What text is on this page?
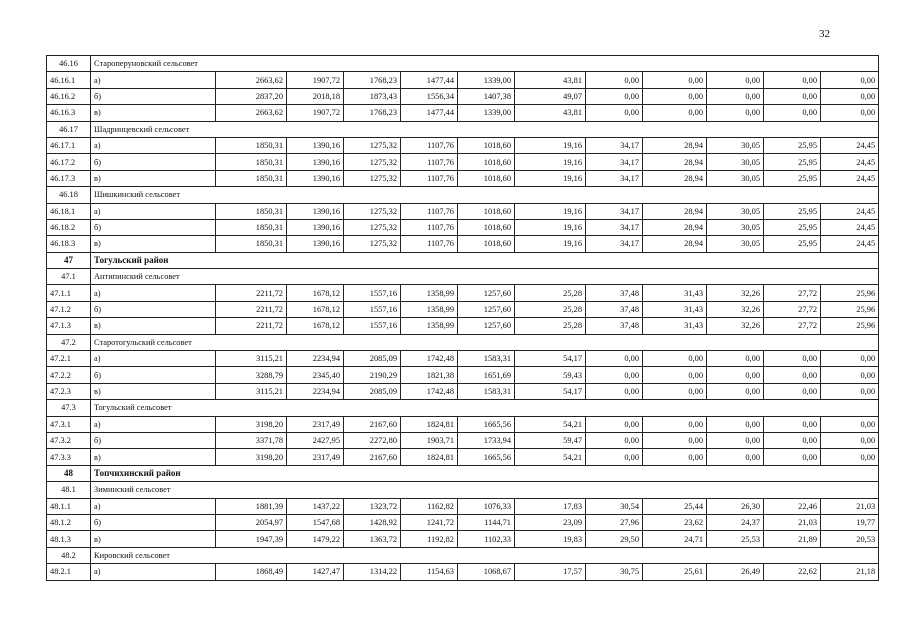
32
46.16	Староперуновский сельсовет											
46.16.1	а)	2663,62	1907,72	1768,23	1477,44	1339,00	43,81	0,00	0,00	0,00	0,00	0,00
46.16.2	б)	2837,20	2018,18	1873,43	1556,34	1407,38	49,07	0,00	0,00	0,00	0,00	0,00
46.16.3	в)	2663,62	1907,72	1768,23	1477,44	1339,00	43,81	0,00	0,00	0,00	0,00	0,00
46.17	Шадринцевский сельсовет											
46.17.1	а)	1850,31	1390,16	1275,32	1107,76	1018,60	19,16	34,17	28,94	30,05	25,95	24,45
46.17.2	б)	1850,31	1390,16	1275,32	1107,76	1018,60	19,16	34,17	28,94	30,05	25,95	24,45
46.17.3	в)	1850,31	1390,16	1275,32	1107,76	1018,60	19,16	34,17	28,94	30,05	25,95	24,45
46.18	Шишкинский сельсовет											
46.18.1	а)	1850,31	1390,16	1275,32	1107,76	1018,60	19,16	34,17	28,94	30,05	25,95	24,45
46.18.2	б)	1850,31	1390,16	1275,32	1107,76	1018,60	19,16	34,17	28,94	30,05	25,95	24,45
46.18.3	в)	1850,31	1390,16	1275,32	1107,76	1018,60	19,16	34,17	28,94	30,05	25,95	24,45
47	Тогульский район											
47.1	Антипинский сельсовет											
47.1.1	а)	2211,72	1678,12	1557,16	1358,99	1257,60	25,28	37,48	31,43	32,26	27,72	25,96
47.1.2	б)	2211,72	1678,12	1557,16	1358,99	1257,60	25,28	37,48	31,43	32,26	27,72	25,96
47.1.3	в)	2211,72	1678,12	1557,16	1358,99	1257,60	25,28	37,48	31,43	32,26	27,72	25,96
47.2	Старотогульский сельсовет											
47.2.1	а)	3115,21	2234,94	2085,09	1742,48	1583,31	54,17	0,00	0,00	0,00	0,00	0,00
47.2.2	б)	3288,79	2345,40	2190,29	1821,38	1651,69	59,43	0,00	0,00	0,00	0,00	0,00
47.2.3	в)	3115,21	2234,94	2085,09	1742,48	1583,31	54,17	0,00	0,00	0,00	0,00	0,00
47.3	Тогульский сельсовет											
47.3.1	а)	3198,20	2317,49	2167,60	1824,81	1665,56	54,21	0,00	0,00	0,00	0,00	0,00
47.3.2	б)	3371,78	2427,95	2272,80	1903,71	1733,94	59,47	0,00	0,00	0,00	0,00	0,00
47.3.3	в)	3198,20	2317,49	2167,60	1824,81	1665,56	54,21	0,00	0,00	0,00	0,00	0,00
48	Топчихинский район											
48.1	Зиминский сельсовет											
48.1.1	а)	1881,39	1437,22	1323,72	1162,82	1076,33	17,83	30,54	25,44	26,30	22,46	21,03
48.1.2	б)	2054,97	1547,68	1428,92	1241,72	1144,71	23,09	27,96	23,62	24,37	21,03	19,77
48.1.3	в)	1947,39	1479,22	1363,72	1192,82	1102,33	19,83	29,50	24,71	25,53	21,89	20,53
48.2	Кировский сельсовет											
48.2.1	а)	1868,49	1427,47	1314,22	1154,63	1068,67	17,57	30,75	25,61	26,49	22,62	21,18
